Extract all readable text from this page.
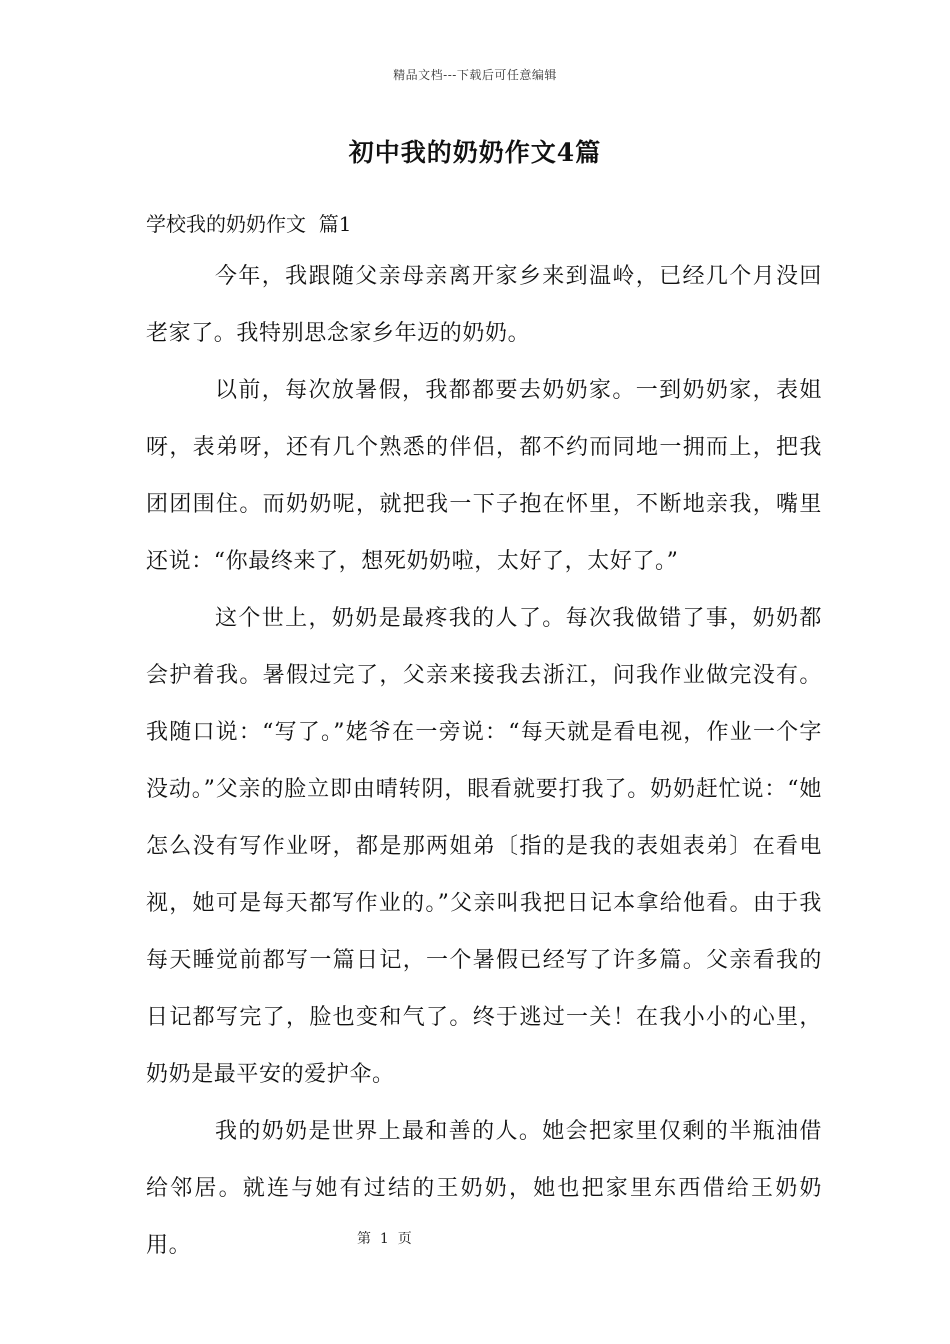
精品文档---下载后可任意编辑
初中我的奶奶作文4篇
学校我的奶奶作文  篇1

今年，我跟随父亲母亲离开家乡来到温岭，已经几个月没回老家了。我特别思念家乡年迈的奶奶。

以前，每次放暑假，我都都要去奶奶家。一到奶奶家，表姐呀，表弟呀，还有几个熟悉的伴侣，都不约而同地一拥而上，把我团团围住。而奶奶呢，就把我一下子抱在怀里，不断地亲我，嘴里还说：“你最终来了，想死奶奶啦，太好了，太好了。”

这个世上，奶奶是最疼我的人了。每次我做错了事，奶奶都会护着我。暑假过完了，父亲来接我去浙江，问我作业做完没有。我随口说：“写了。”姥爷在一旁说：“每天就是看电视，作业一个字没动。”父亲的脸立即由晴转阴，眼看就要打我了。奶奶赶忙说：“她怎么没有写作业呀，都是那两姐弟〔指的是我的表姐表弟〕在看电视，她可是每天都写作业的。”父亲叫我把日记本拿给他看。由于我每天睡觉前都写一篇日记，一个暑假已经写了许多篇。父亲看我的日记都写完了，脸也变和气了。终于逃过一关！在我小小的心里，奶奶是最平安的爱护伞。

我的奶奶是世界上最和善的人。她会把家里仅剩的半瓶油借给邻居。就连与她有过结的王奶奶，她也把家里东西借给王奶奶用。	第  1  页
